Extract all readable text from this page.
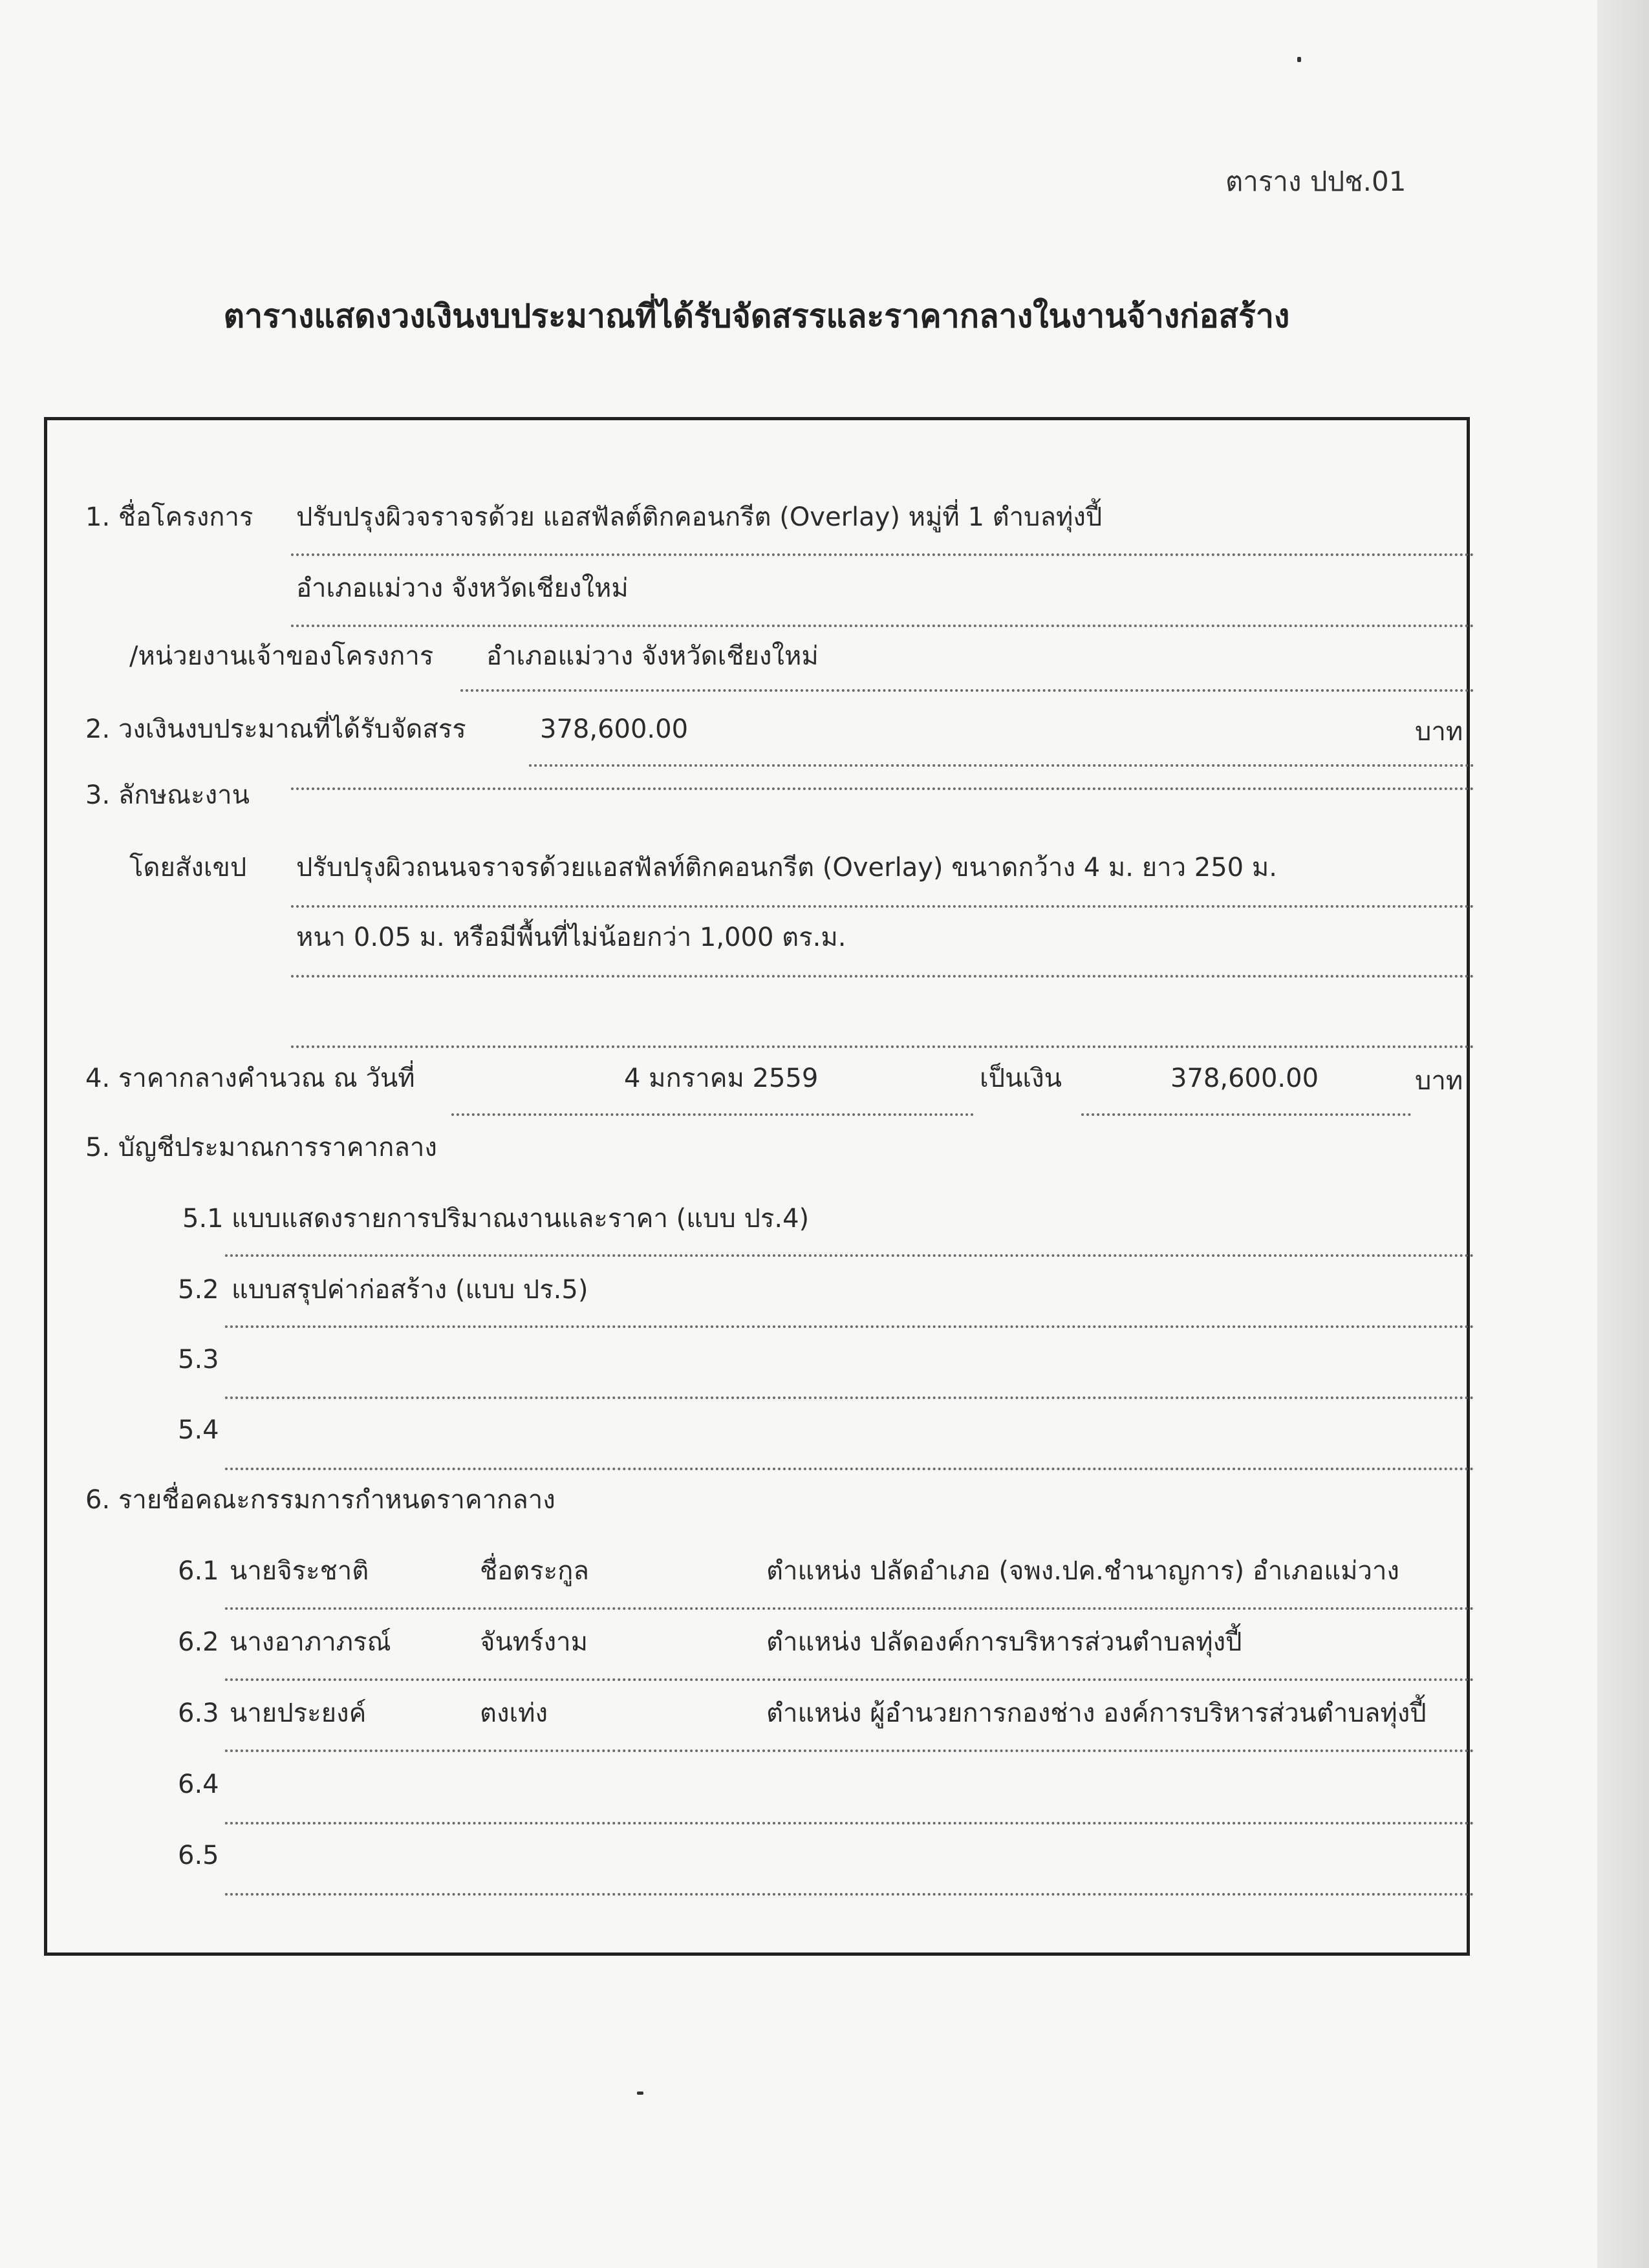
ตาราง ปปช.01
ตารางแสดงวงเงินงบประมาณที่ได้รับจัดสรรและราคากลางในงานจ้างก่อสร้าง
1. ชื่อโครงการ ปรับปรุงผิวจราจรด้วย แอสฟัลต์ติกคอนกรีต (Overlay) หมู่ที่ 1 ตำบลทุ่งปี้
อำเภอแม่วาง จังหวัดเชียงใหม่
/หน่วยงานเจ้าของโครงการ อำเภอแม่วาง จังหวัดเชียงใหม่
2. วงเงินงบประมาณที่ได้รับจัดสรร	378,600.00	บาท
3. ลักษณะงาน
โดยสังเขป ปรับปรุงผิวถนนจราจรด้วยแอสฟัลท์ติกคอนกรีต (Overlay) ขนาดกว้าง 4 ม. ยาว 250 ม.
หนา 0.05 ม. หรือมีพื้นที่ไม่น้อยกว่า 1,000 ตร.ม.
4. ราคากลางคำนวณ ณ วันที่	4 มกราคม 2559	เป็นเงิน	378,600.00	บาท
5. บัญชีประมาณการราคากลาง
5.1 แบบแสดงรายการปริมาณงานและราคา (แบบ ปร.4)
5.2 แบบสรุปค่าก่อสร้าง (แบบ ปร.5)
5.3
5.4
6. รายชื่อคณะกรรมการกำหนดราคากลาง
6.1 นายจิระชาติ	ชื่อตระกูล	ตำแหน่ง ปลัดอำเภอ (จพง.ปค.ชำนาญการ) อำเภอแม่วาง
6.2 นางอาภาภรณ์	จันทร์งาม	ตำแหน่ง ปลัดองค์การบริหารส่วนตำบลทุ่งปี้
6.3 นายประยงค์	ตงเท่ง	ตำแหน่ง ผู้อำนวยการกองช่าง องค์การบริหารส่วนตำบลทุ่งปี้
6.4
6.5
